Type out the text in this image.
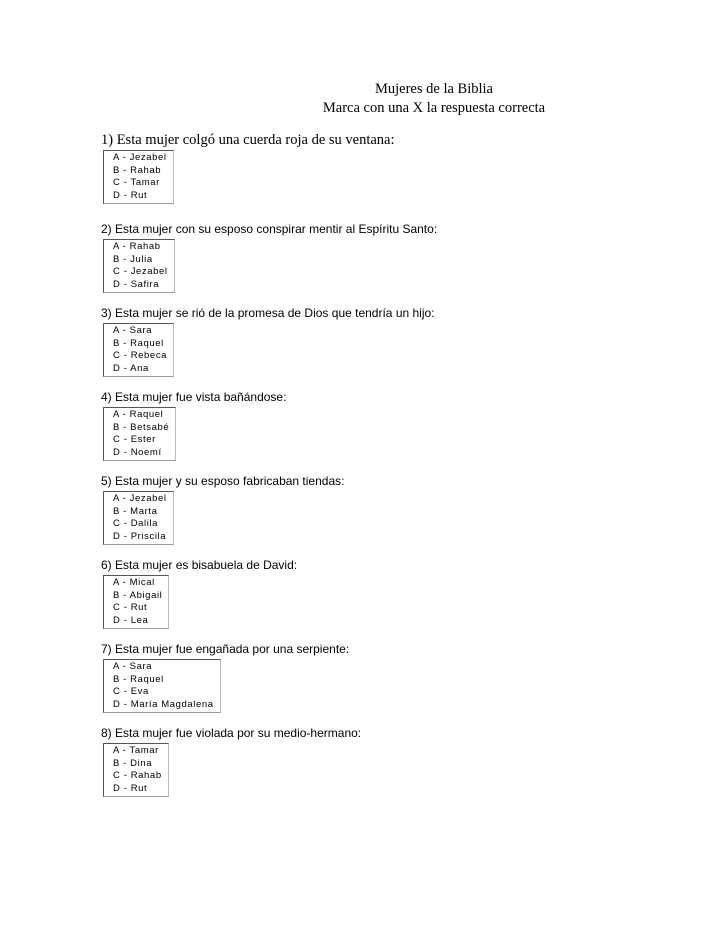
Mujeres de la Biblia
Marca con una X la respuesta correcta
1) Esta mujer colgó una cuerda roja de su ventana:
A - Jezabel
B - Rahab
C - Tamar
D - Rut
2) Esta mujer con su esposo conspirar mentir al Espíritu Santo:
A - Rahab
B - Julia
C - Jezabel
D - Safira
3) Esta mujer se rió de la promesa de Dios que tendría un hijo:
A - Sara
B - Raquel
C - Rebeca
D - Ana
4) Esta mujer fue vista bañándose:
A - Raquel
B - Betsabé
C - Ester
D - Noemí
5) Esta mujer y su esposo fabricaban tiendas:
A - Jezabel
B - Marta
C - Dalila
D - Priscila
6) Esta mujer es bisabuela de David:
A - Mical
B - Abigail
C - Rut
D - Lea
7) Esta mujer fue engañada por una serpiente:
A - Sara
B - Raquel
C - Eva
D - María Magdalena
8) Esta mujer fue violada por su medio-hermano:
A - Tamar
B - Dina
C - Rahab
D - Rut
